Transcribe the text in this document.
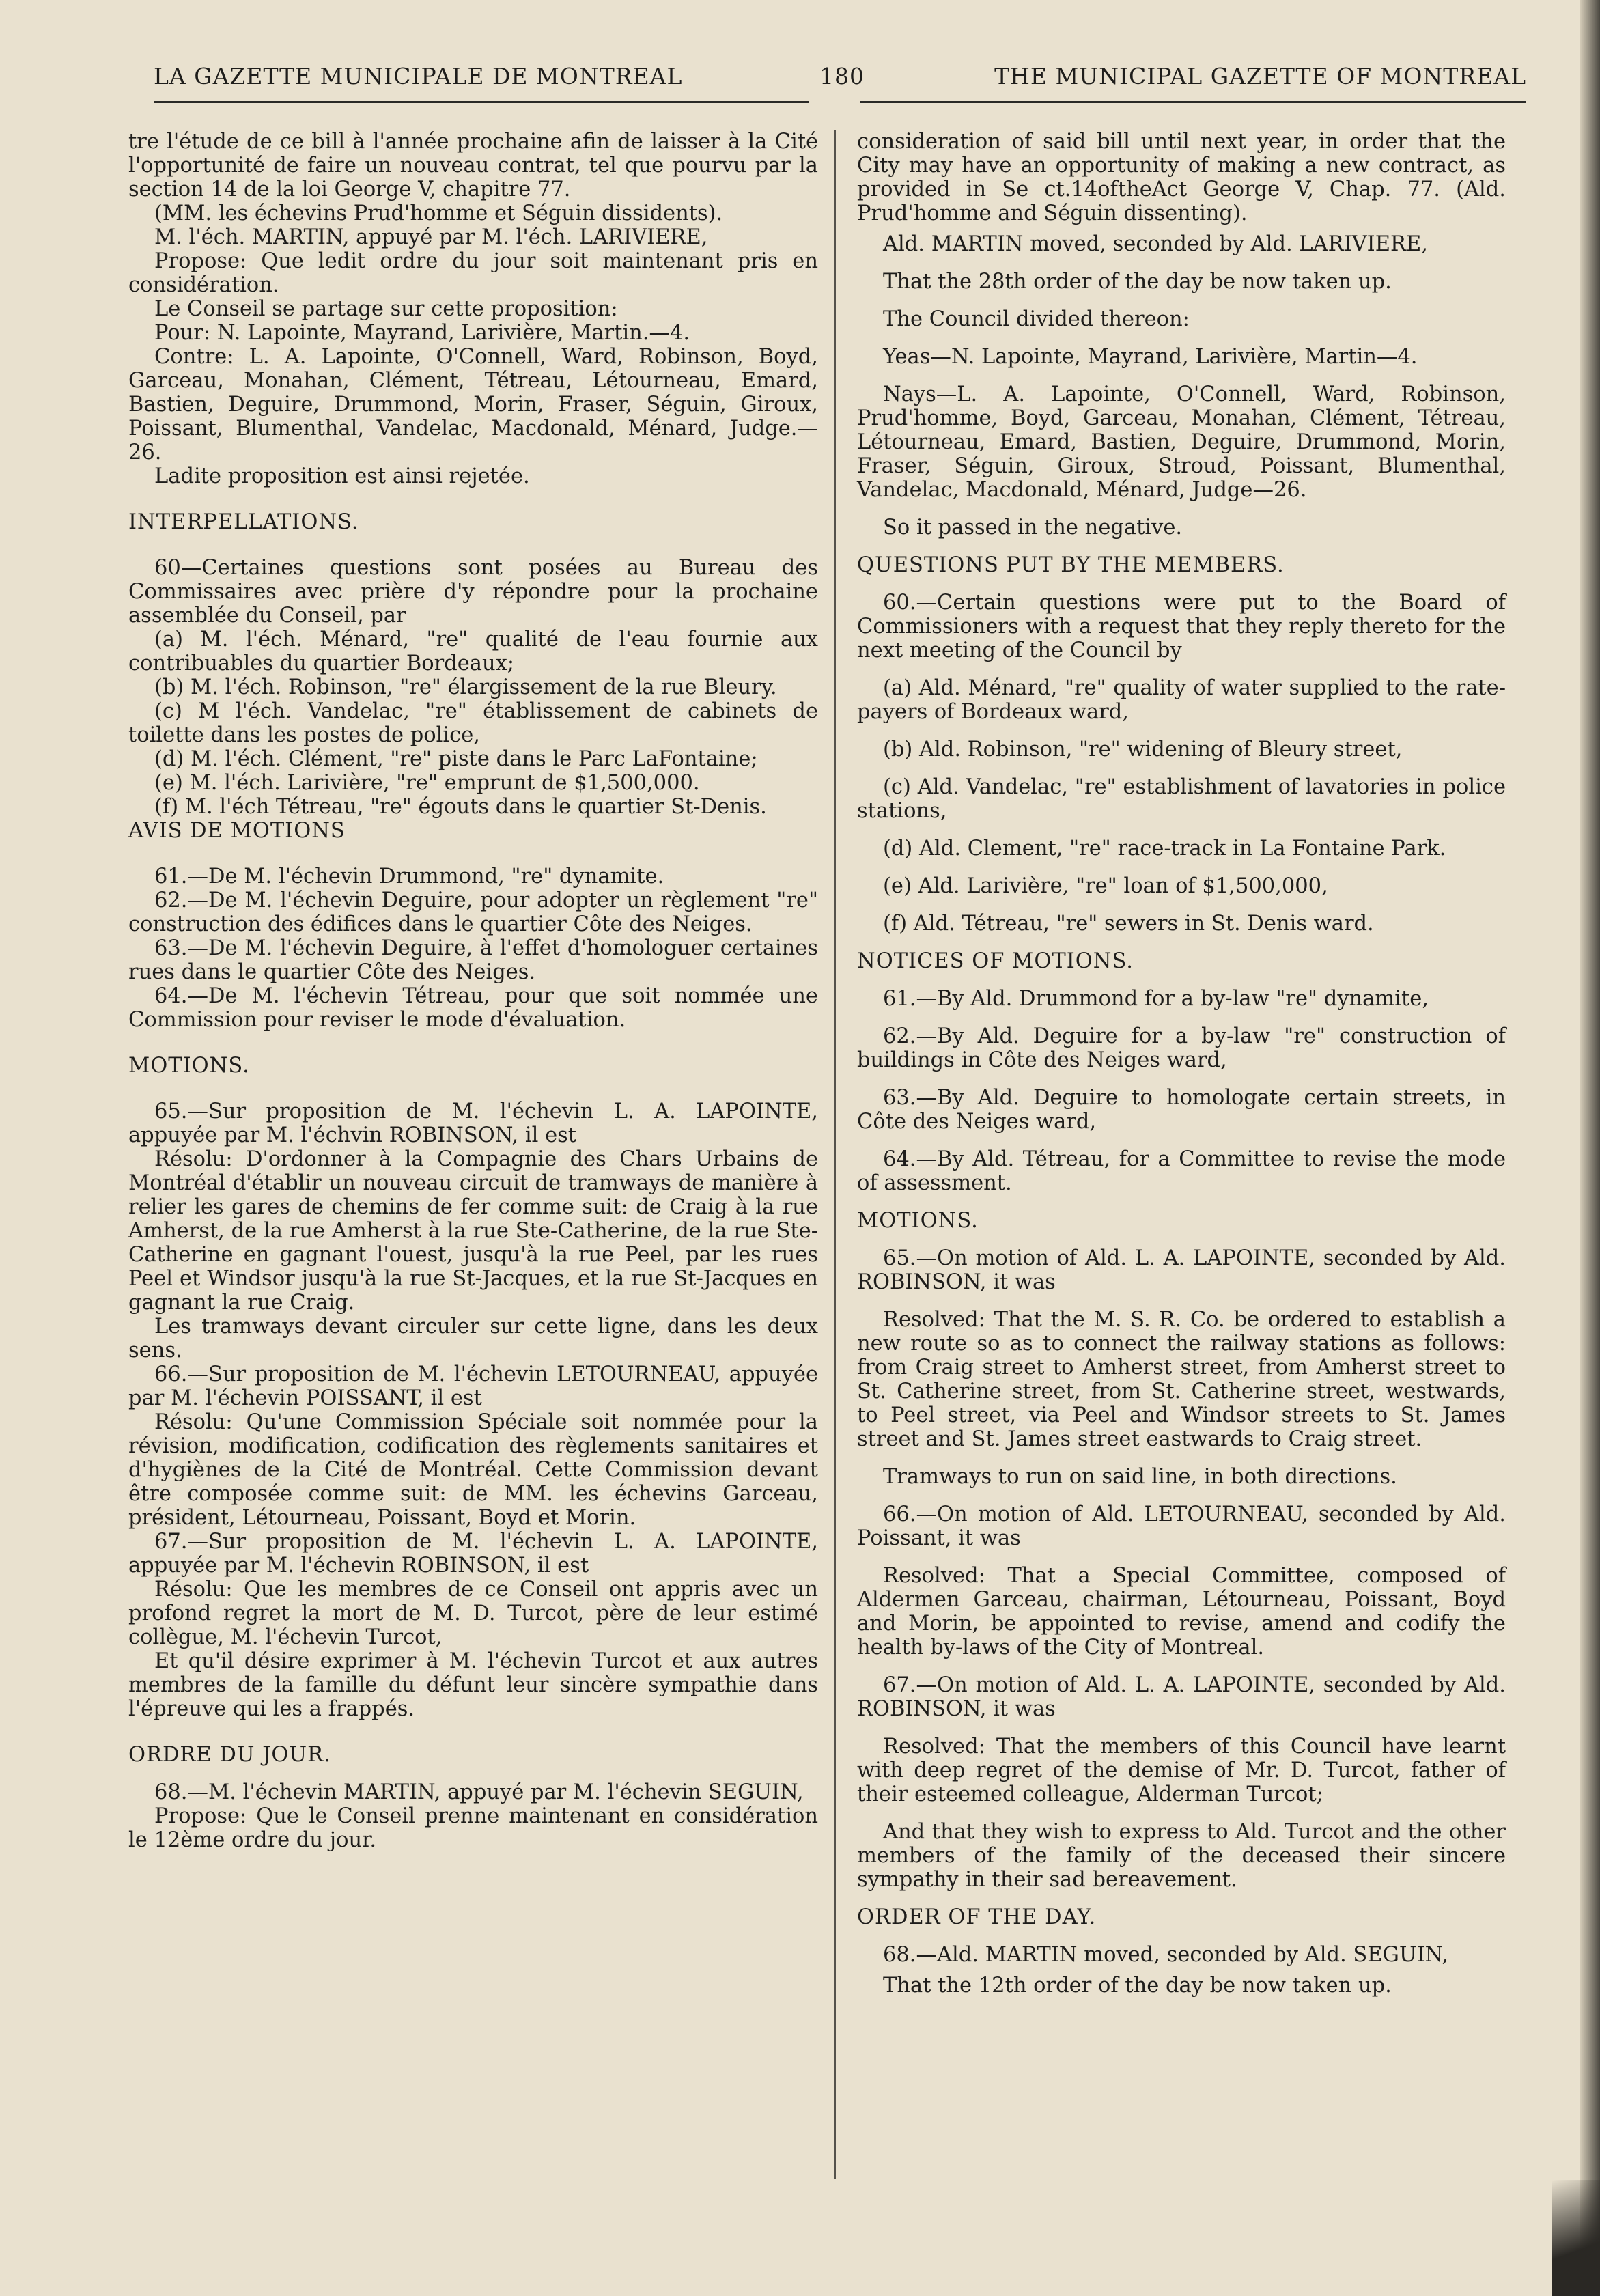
LA GAZETTE MUNICIPALE DE MONTREAL	180	THE MUNICIPAL GAZETTE OF MONTREAL

tre l'étude de ce bill à l'année prochaine afin de laisser à la Cité l'opportunité de faire un nouveau contrat, tel que pourvu par la section 14 de la loi George V, chapitre 77.

(MM. les échevins Prud'homme et Séguin dissidents).

M. l'éch. MARTIN, appuyé par M. l'éch. LARIVIERE,

Propose: Que ledit ordre du jour soit maintenant pris en considération.

Le Conseil se partage sur cette proposition:

Pour: N. Lapointe, Mayrand, Larivière, Martin.—4.

Contre: L. A. Lapointe, O'Connell, Ward, Robinson, Boyd, Garceau, Monahan, Clément, Tétreau, Létourneau, Emard, Bastien, Deguire, Drummond, Morin, Fraser, Séguin, Giroux, Poissant, Blumenthal, Vandelac, Macdonald, Ménard, Judge.—26.

Ladite proposition est ainsi rejetée.

INTERPELLATIONS.

60—Certaines questions sont posées au Bureau des Commissaires avec prière d'y répondre pour la prochaine assemblée du Conseil, par

(a) M. l'éch. Ménard, "re" qualité de l'eau fournie aux contribuables du quartier Bordeaux;

(b) M. l'éch. Robinson, "re" élargissement de la rue Bleury.

(c) M l'éch. Vandelac, "re" établissement de cabinets de toilette dans les postes de police,

(d) M. l'éch. Clément, "re" piste dans le Parc LaFontaine;

(e) M. l'éch. Larivière, "re" emprunt de $1,500,000.

(f) M. l'éch Tétreau, "re" égouts dans le quartier St-Denis.

AVIS DE MOTIONS

61.—De M. l'échevin Drummond, "re" dynamite.

62.—De M. l'échevin Deguire, pour adopter un règlement "re" construction des édifices dans le quartier Côte des Neiges.

63.—De M. l'échevin Deguire, à l'effet d'homologuer certaines rues dans le quartier Côte des Neiges.

64.—De M. l'échevin Tétreau, pour que soit nommée une Commission pour reviser le mode d'évaluation.

MOTIONS.

65.—Sur proposition de M. l'échevin L. A. LAPOINTE, appuyée par M. l'échvin ROBINSON, il est

Résolu: D'ordonner à la Compagnie des Chars Urbains de Montréal d'établir un nouveau circuit de tramways de manière à relier les gares de chemins de fer comme suit: de Craig à la rue Amherst, de la rue Amherst à la rue Ste-Catherine, de la rue Ste-Catherine en gagnant l'ouest, jusqu'à la rue Peel, par les rues Peel et Windsor jusqu'à la rue St-Jacques, et la rue St-Jacques en gagnant la rue Craig.

Les tramways devant circuler sur cette ligne, dans les deux sens.

66.—Sur proposition de M. l'échevin LETOURNEAU, appuyée par M. l'échevin POISSANT, il est

Résolu: Qu'une Commission Spéciale soit nommée pour la révision, modification, codification des règlements sanitaires et d'hygiènes de la Cité de Montréal. Cette Commission devant être composée comme suit: de MM. les échevins Garceau, président, Létourneau, Poissant, Boyd et Morin.

67.—Sur proposition de M. l'échevin L. A. LAPOINTE, appuyée par M. l'échevin ROBINSON, il est

Résolu: Que les membres de ce Conseil ont appris avec un profond regret la mort de M. D. Turcot, père de leur estimé collègue, M. l'échevin Turcot,

Et qu'il désire exprimer à M. l'échevin Turcot et aux autres membres de la famille du défunt leur sincère sympathie dans l'épreuve qui les a frappés.

ORDRE DU JOUR.

68.—M. l'échevin MARTIN, appuyé par M. l'échevin SEGUIN,

Propose: Que le Conseil prenne maintenant en considération le 12ème ordre du jour.

consideration of said bill until next year, in order that the City may have an opportunity of making a new contract, as provided in Se ct.14oftheAct George V, Chap. 77. (Ald. Prud'homme and Séguin dissenting).

Ald. MARTIN moved, seconded by Ald. LARIVIERE,

That the 28th order of the day be now taken up.

The Council divided thereon:

Yeas—N. Lapointe, Mayrand, Larivière, Martin—4.

Nays—L. A. Lapointe, O'Connell, Ward, Robinson, Prud'homme, Boyd, Garceau, Monahan, Clément, Tétreau, Létourneau, Emard, Bastien, Deguire, Drummond, Morin, Fraser, Séguin, Giroux, Stroud, Poissant, Blumenthal, Vandelac, Macdonald, Ménard, Judge—26.

So it passed in the negative.

QUESTIONS PUT BY THE MEMBERS.

60.—Certain questions were put to the Board of Commissioners with a request that they reply thereto for the next meeting of the Council by

(a) Ald. Ménard, "re" quality of water supplied to the rate-payers of Bordeaux ward,

(b) Ald. Robinson, "re" widening of Bleury street,

(c) Ald. Vandelac, "re" establishment of lavatories in police stations,

(d) Ald. Clement, "re" race-track in La Fontaine Park.

(e) Ald. Larivière, "re" loan of $1,500,000,

(f) Ald. Tétreau, "re" sewers in St. Denis ward.

NOTICES OF MOTIONS.

61.—By Ald. Drummond for a by-law "re" dynamite,

62.—By Ald. Deguire for a by-law "re" construction of buildings in Côte des Neiges ward,

63.—By Ald. Deguire to homologate certain streets, in Côte des Neiges ward,

64.—By Ald. Tétreau, for a Committee to revise the mode of assessment.

MOTIONS.

65.—On motion of Ald. L. A. LAPOINTE, seconded by Ald. ROBINSON, it was

Resolved: That the M. S. R. Co. be ordered to establish a new route so as to connect the railway stations as follows: from Craig street to Amherst street, from Amherst street to St. Catherine street, from St. Catherine street, westwards, to Peel street, via Peel and Windsor streets to St. James street and St. James street eastwards to Craig street.

Tramways to run on said line, in both directions.

66.—On motion of Ald. LETOURNEAU, seconded by Ald. Poissant, it was

Resolved: That a Special Committee, composed of Aldermen Garceau, chairman, Létourneau, Poissant, Boyd and Morin, be appointed to revise, amend and codify the health by-laws of the City of Montreal.

67.—On motion of Ald. L. A. LAPOINTE, seconded by Ald. ROBINSON, it was

Resolved: That the members of this Council have learnt with deep regret of the demise of Mr. D. Turcot, father of their esteemed colleague, Alderman Turcot;

And that they wish to express to Ald. Turcot and the other members of the family of the deceased their sincere sympathy in their sad bereavement.

ORDER OF THE DAY.

68.—Ald. MARTIN moved, seconded by Ald. SEGUIN,

That the 12th order of the day be now taken up.
